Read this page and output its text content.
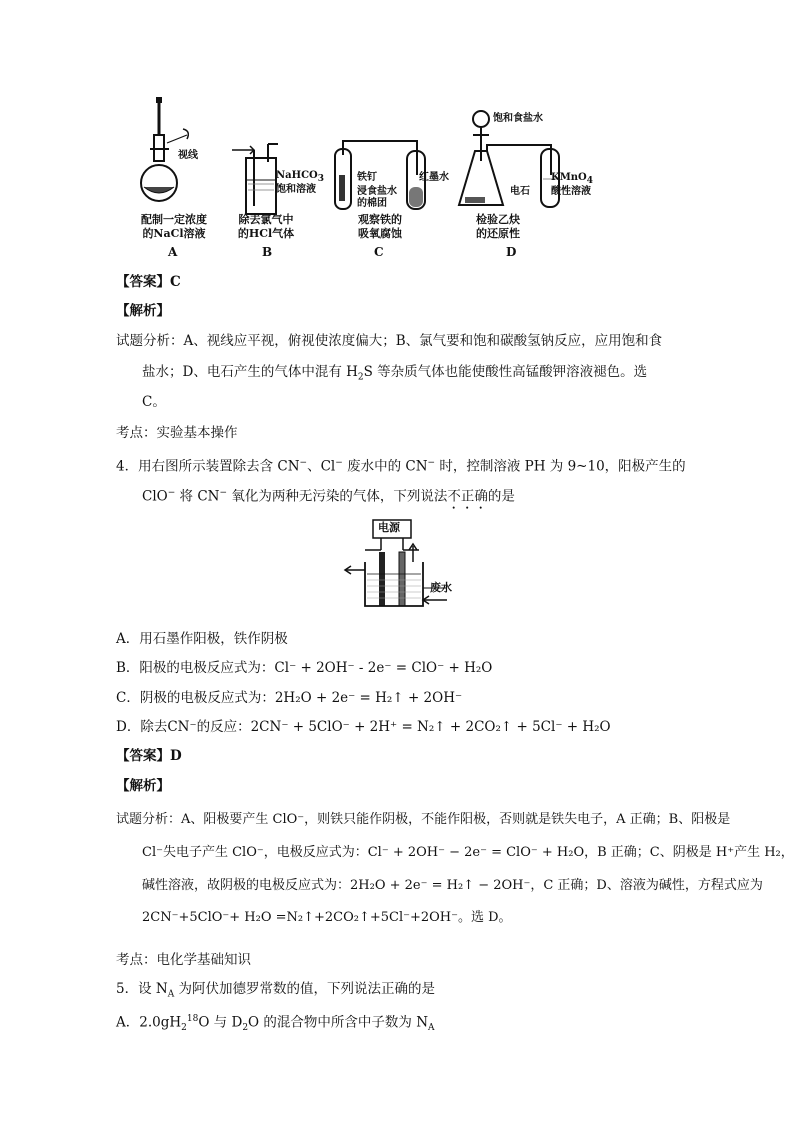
视线
配制一定浓度
的NaCl溶液
A
NaHCO$_3$
饱和溶液
除去氯气中
的HCl气体
B
铁钉
浸食盐水
的棉团
红墨水
观察铁的
吸氧腐蚀
C
饱和食盐水
电石
KMnO$_4$
酸性溶液
检验乙炔
的还原性
D
【答案】C
【解析】
试题分析：A、视线应平视，俯视使浓度偏大；B、氯气要和饱和碳酸氢钠反应，应用饱和食
盐水；D、电石产生的气体中混有 $H_2S$ 等杂质气体也能使酸性高锰酸钾溶液褪色。选
C。
考点：实验基本操作
4．用右图所示装置除去含 CN−、Cl− 废水中的 CN− 时，控制溶液 PH 为 9~10，阳极产生的
ClO− 将 CN− 氧化为两种无污染的气体，下列说法不正确的是
电源
废水
A．用石墨作阳极，铁作阴极
B．阳极的电极反应式为：Cl⁻ + 2OH⁻ - 2e⁻ = ClO⁻ + H₂O
C．阴极的电极反应式为：2H₂O + 2e⁻ = H₂↑ + 2OH⁻
D．除去CN⁻的反应：2CN⁻ + 5ClO⁻ + 2H⁺ = N₂↑ + 2CO₂↑ + 5Cl⁻ + H₂O
【答案】D
【解析】
试题分析：A、阳极要产生 ClO⁻，则铁只能作阴极，不能作阳极，否则就是铁失电子，A 正确；B、阳极是
Cl⁻失电子产生 ClO⁻，电极反应式为：Cl⁻ + 2OH⁻ − 2e⁻ = ClO⁻ + H₂O，B 正确；C、阴极是 H⁺产生 H₂，
碱性溶液，故阴极的电极反应式为：2H₂O + 2e⁻ = H₂↑ − 2OH⁻，C 正确；D、溶液为碱性，方程式应为
2CN⁻+5ClO⁻+ H₂O =N₂↑+2CO₂↑+5Cl⁻+2OH⁻。选 D。
考点：电化学基础知识
5．设 $N_A$ 为阿伏加德罗常数的值，下列说法正确的是
A．$2.0gH_2^{18}O$ 与 $D_2O$ 的混合物中所含中子数为 $N_A$
